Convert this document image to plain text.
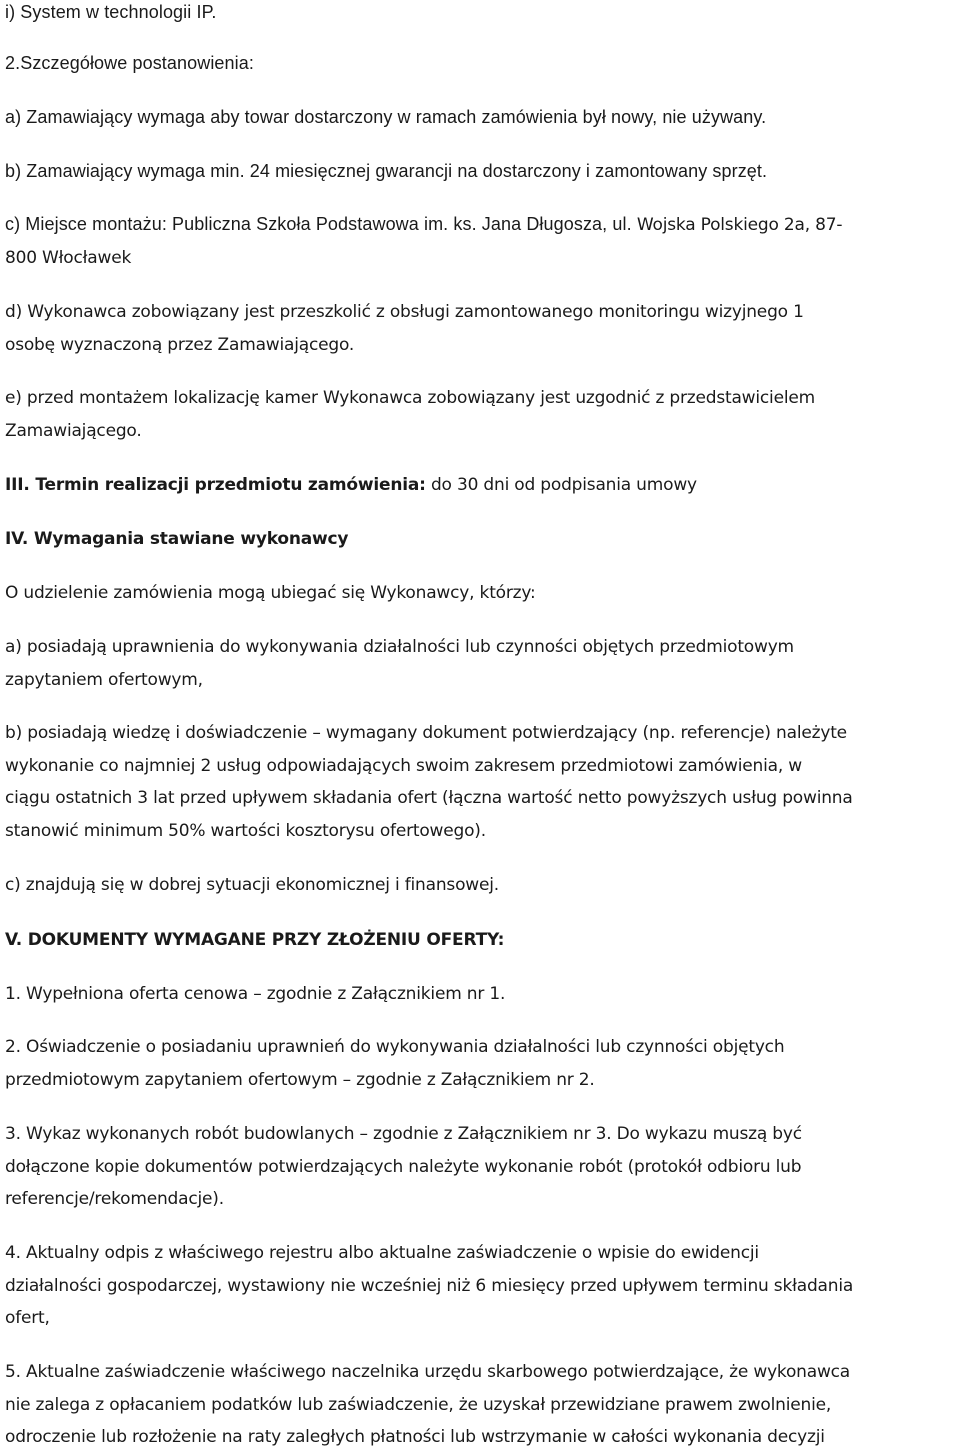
i) System w technologii IP.

2.Szczegółowe postanowienia:

a) Zamawiający wymaga aby towar dostarczony w ramach zamówienia był nowy, nie używany.

b) Zamawiający wymaga min. 24 miesięcznej gwarancji na dostarczony i zamontowany sprzęt.

c) Miejsce montażu: Publiczna Szkoła Podstawowa im. ks. Jana Długosza, ul. Wojska Polskiego 2a, 87-
800 Włocławek

d) Wykonawca zobowiązany jest przeszkolić z obsługi zamontowanego monitoringu wizyjnego 1
osobę wyznaczoną przez Zamawiającego.

e) przed montażem lokalizację kamer Wykonawca zobowiązany jest uzgodnić z przedstawicielem
Zamawiającego.

III. Termin realizacji przedmiotu zamówienia: do 30 dni od podpisania umowy

IV. Wymagania stawiane wykonawcy

O udzielenie zamówienia mogą ubiegać się Wykonawcy, którzy:

a) posiadają uprawnienia do wykonywania działalności lub czynności objętych przedmiotowym
zapytaniem ofertowym,

b) posiadają wiedzę i doświadczenie – wymagany dokument potwierdzający (np. referencje) należyte
wykonanie co najmniej 2 usług odpowiadających swoim zakresem przedmiotowi zamówienia, w
ciągu ostatnich 3 lat przed upływem składania ofert (łączna wartość netto powyższych usług powinna
stanowić minimum 50% wartości kosztorysu ofertowego).

c) znajdują się w dobrej sytuacji ekonomicznej i finansowej.

V. DOKUMENTY WYMAGANE PRZY ZŁOŻENIU OFERTY:

1. Wypełniona oferta cenowa – zgodnie z Załącznikiem nr 1.

2. Oświadczenie o posiadaniu uprawnień do wykonywania działalności lub czynności objętych
przedmiotowym zapytaniem ofertowym – zgodnie z Załącznikiem nr 2.

3. Wykaz wykonanych robót budowlanych – zgodnie z Załącznikiem nr 3. Do wykazu muszą być
dołączone kopie dokumentów potwierdzających należyte wykonanie robót (protokół odbioru lub
referencje/rekomendacje).

4. Aktualny odpis z właściwego rejestru albo aktualne zaświadczenie o wpisie do ewidencji
działalności gospodarczej, wystawiony nie wcześniej niż 6 miesięcy przed upływem terminu składania
ofert,

5. Aktualne zaświadczenie właściwego naczelnika urzędu skarbowego potwierdzające, że wykonawca
nie zalega z opłacaniem podatków lub zaświadczenie, że uzyskał przewidziane prawem zwolnienie,
odroczenie lub rozłożenie na raty zaległych płatności lub wstrzymanie w całości wykonania decyzji
